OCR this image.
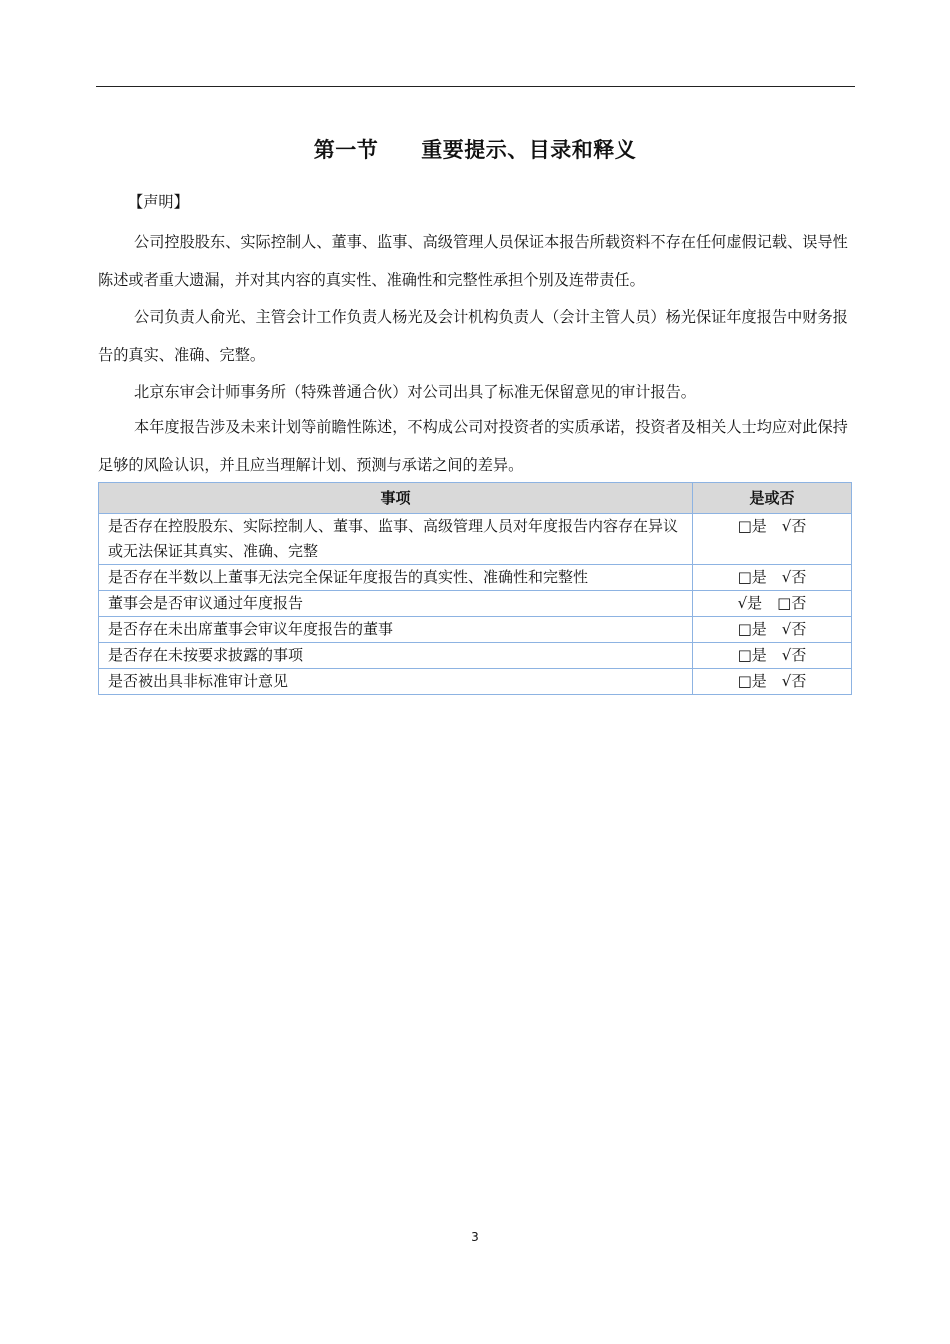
第一节　　重要提示、目录和释义
【声明】

公司控股股东、实际控制人、董事、监事、高级管理人员保证本报告所载资料不存在任何虚假记载、误导性陈述或者重大遗漏，并对其内容的真实性、准确性和完整性承担个别及连带责任。

公司负责人俞光、主管会计工作负责人杨光及会计机构负责人（会计主管人员）杨光保证年度报告中财务报告的真实、准确、完整。

北京东审会计师事务所（特殊普通合伙）对公司出具了标准无保留意见的审计报告。

本年度报告涉及未来计划等前瞻性陈述，不构成公司对投资者的实质承诺，投资者及相关人士均应对此保持足够的风险认识，并且应当理解计划、预测与承诺之间的差异。

事项	是或否
是否存在控股股东、实际控制人、董事、监事、高级管理人员对年度报告内容存在异议或无法保证其真实、准确、完整	□是　√否
是否存在半数以上董事无法完全保证年度报告的真实性、准确性和完整性	□是　√否
董事会是否审议通过年度报告	√是　□否
是否存在未出席董事会审议年度报告的董事	□是　√否
是否存在未按要求披露的事项	□是　√否
是否被出具非标准审计意见	□是　√否
3
